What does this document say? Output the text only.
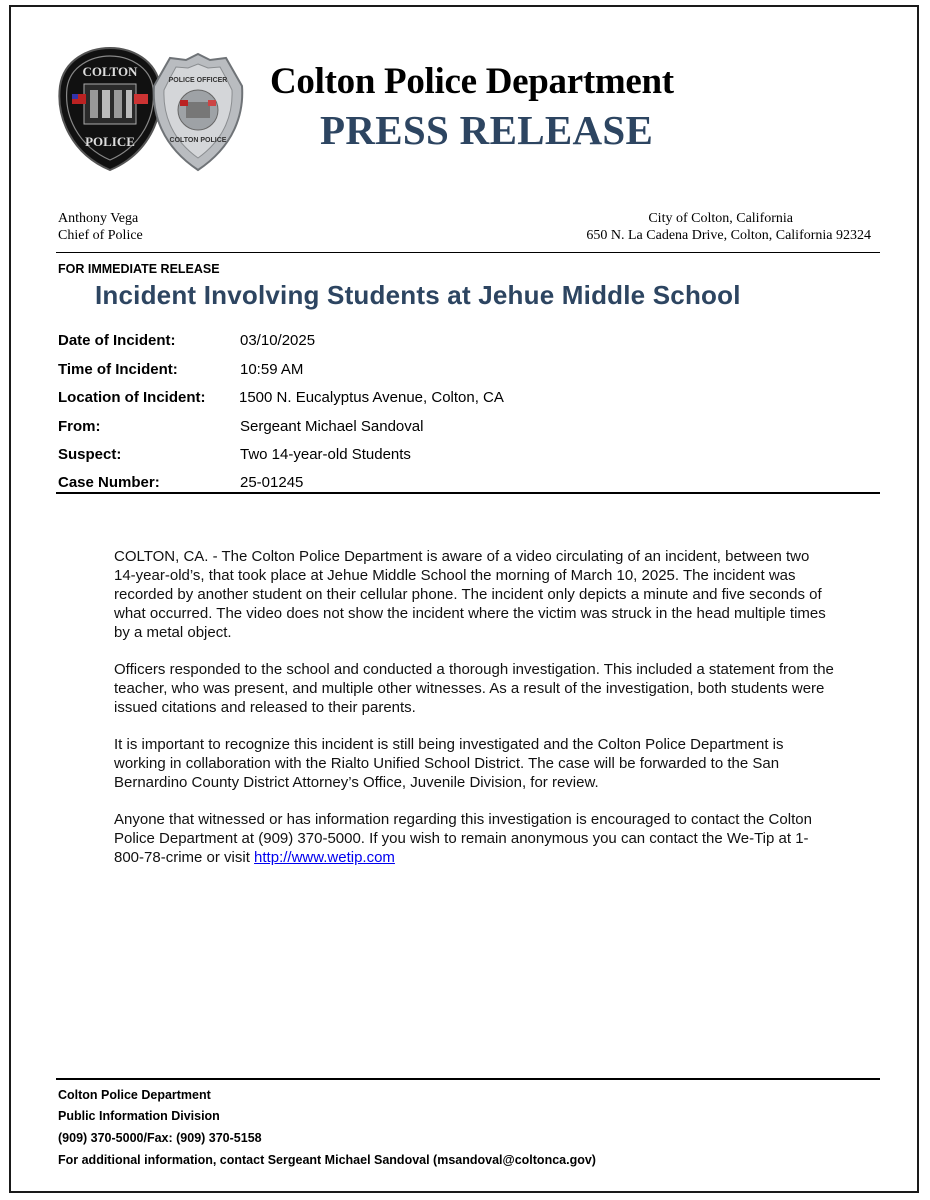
COLTON
POLICE
POLICE OFFICER
COLTON POLICE
Colton Police Department
PRESS RELEASE
Anthony Vega
Chief of Police
City of Colton, California
650 N. La Cadena Drive, Colton, California 92324
FOR IMMEDIATE RELEASE
Incident Involving Students at Jehue Middle School
Date of Incident:	03/10/2025
Time of Incident:	10:59 AM
Location of Incident: 1500 N. Eucalyptus Avenue, Colton, CA
From:	Sergeant Michael Sandoval
Suspect:	Two 14-year-old Students
Case Number:	25-01245

COLTON, CA. - The Colton Police Department is aware of a video circulating of an incident, between two 14-year-old’s, that took place at Jehue Middle School the morning of March 10, 2025. The incident was recorded by another student on their cellular phone. The incident only depicts a minute and five seconds of what occurred. The video does not show the incident where the victim was struck in the head multiple times by a metal object.

Officers responded to the school and conducted a thorough investigation. This included a statement from the teacher, who was present, and multiple other witnesses. As a result of the investigation, both students were issued citations and released to their parents.

It is important to recognize this incident is still being investigated and the Colton Police Department is working in collaboration with the Rialto Unified School District. The case will be forwarded to the San Bernardino County District Attorney’s Office, Juvenile Division, for review.

Anyone that witnessed or has information regarding this investigation is encouraged to contact the Colton Police Department at (909) 370-5000. If you wish to remain anonymous you can contact the We-Tip at 1-800-78-crime or visit http://www.wetip.com

Colton Police Department
Public Information Division
(909) 370-5000/Fax: (909) 370-5158
For additional information, contact Sergeant Michael Sandoval (msandoval@coltonca.gov)
